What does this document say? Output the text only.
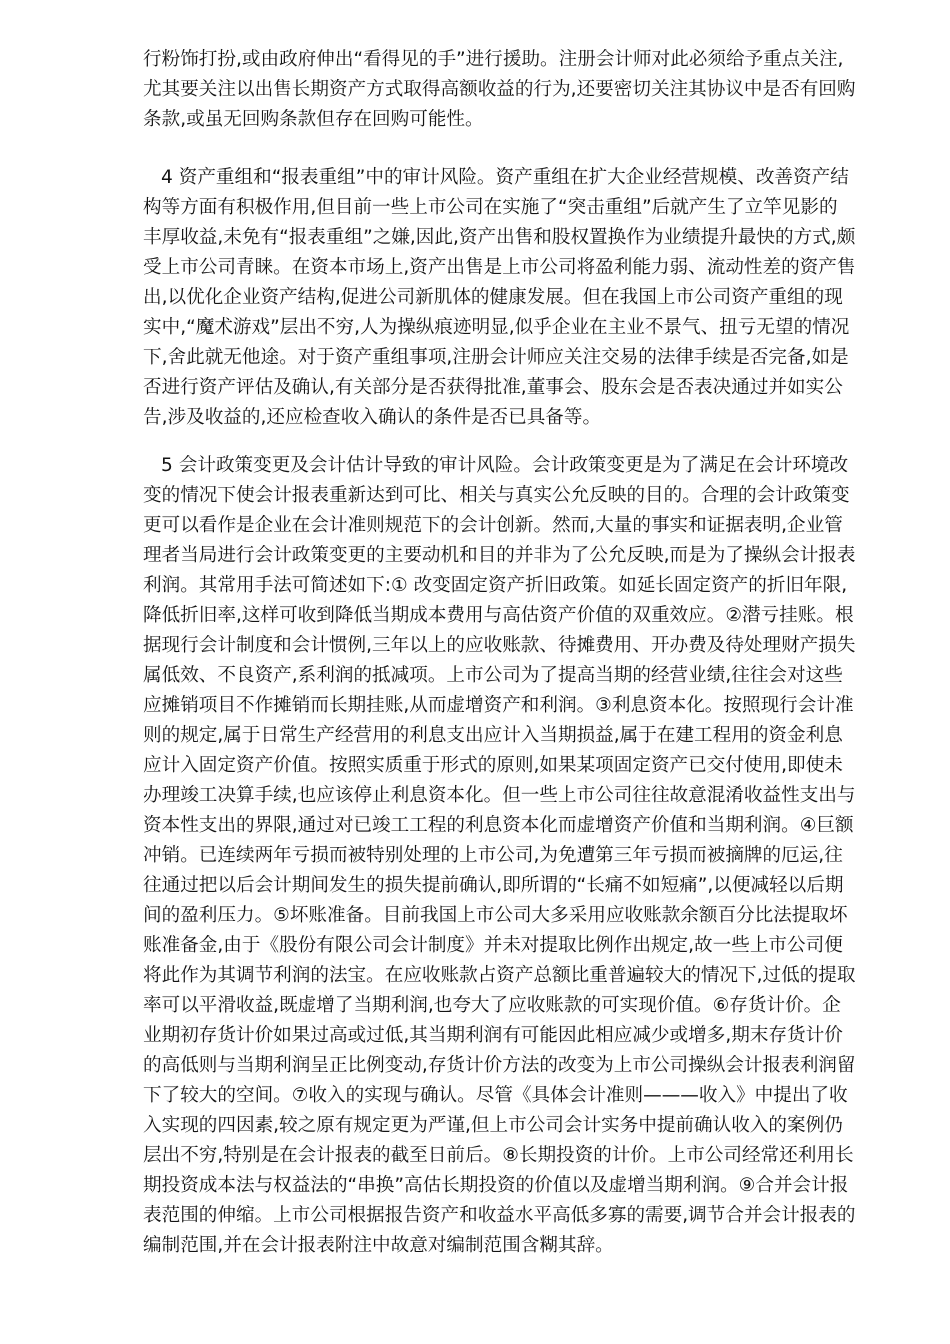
行粉饰打扮,或由政府伸出“看得见的手”进行援助。注册会计师对此必须给予重点关注,
尤其要关注以出售长期资产方式取得高额收益的行为,还要密切关注其协议中是否有回购
条款,或虽无回购条款但存在回购可能性。
4 资产重组和“报表重组”中的审计风险。资产重组在扩大企业经营规模、改善资产结
构等方面有积极作用,但目前一些上市公司在实施了“突击重组”后就产生了立竿见影的
丰厚收益,未免有“报表重组”之嫌,因此,资产出售和股权置换作为业绩提升最快的方式,颇
受上市公司青睐。在资本市场上,资产出售是上市公司将盈利能力弱、流动性差的资产售
出,以优化企业资产结构,促进公司新肌体的健康发展。但在我国上市公司资产重组的现
实中,“魔术游戏”层出不穷,人为操纵痕迹明显,似乎企业在主业不景气、扭亏无望的情况
下,舍此就无他途。对于资产重组事项,注册会计师应关注交易的法律手续是否完备,如是
否进行资产评估及确认,有关部分是否获得批准,董事会、股东会是否表决通过并如实公
告,涉及收益的,还应检查收入确认的条件是否已具备等。
5 会计政策变更及会计估计导致的审计风险。会计政策变更是为了满足在会计环境改
变的情况下使会计报表重新达到可比、相关与真实公允反映的目的。合理的会计政策变
更可以看作是企业在会计准则规范下的会计创新。然而,大量的事实和证据表明,企业管
理者当局进行会计政策变更的主要动机和目的并非为了公允反映,而是为了操纵会计报表
利润。其常用手法可简述如下:① 改变固定资产折旧政策。如延长固定资产的折旧年限,
降低折旧率,这样可收到降低当期成本费用与高估资产价值的双重效应。②潜亏挂账。根
据现行会计制度和会计惯例,三年以上的应收账款、待摊费用、开办费及待处理财产损失
属低效、不良资产,系利润的抵减项。上市公司为了提高当期的经营业绩,往往会对这些
应摊销项目不作摊销而长期挂账,从而虚增资产和利润。③利息资本化。按照现行会计准
则的规定,属于日常生产经营用的利息支出应计入当期损益,属于在建工程用的资金利息
应计入固定资产价值。按照实质重于形式的原则,如果某项固定资产已交付使用,即使未
办理竣工决算手续,也应该停止利息资本化。但一些上市公司往往故意混淆收益性支出与
资本性支出的界限,通过对已竣工工程的利息资本化而虚增资产价值和当期利润。④巨额
冲销。已连续两年亏损而被特别处理的上市公司,为免遭第三年亏损而被摘牌的厄运,往
往通过把以后会计期间发生的损失提前确认,即所谓的“长痛不如短痛”,以便减轻以后期
间的盈利压力。⑤坏账准备。目前我国上市公司大多采用应收账款余额百分比法提取坏
账准备金,由于《股份有限公司会计制度》并未对提取比例作出规定,故一些上市公司便
将此作为其调节利润的法宝。在应收账款占资产总额比重普遍较大的情况下,过低的提取
率可以平滑收益,既虚增了当期利润,也夸大了应收账款的可实现价值。⑥存货计价。企
业期初存货计价如果过高或过低,其当期利润有可能因此相应减少或增多,期末存货计价
的高低则与当期利润呈正比例变动,存货计价方法的改变为上市公司操纵会计报表利润留
下了较大的空间。⑦收入的实现与确认。尽管《具体会计准则———收入》中提出了收
入实现的四因素,较之原有规定更为严谨,但上市公司会计实务中提前确认收入的案例仍
层出不穷,特别是在会计报表的截至日前后。⑧长期投资的计价。上市公司经常还利用长
期投资成本法与权益法的“串换”高估长期投资的价值以及虚增当期利润。⑨合并会计报
表范围的伸缩。上市公司根据报告资产和收益水平高低多寡的需要,调节合并会计报表的
编制范围,并在会计报表附注中故意对编制范围含糊其辞。
